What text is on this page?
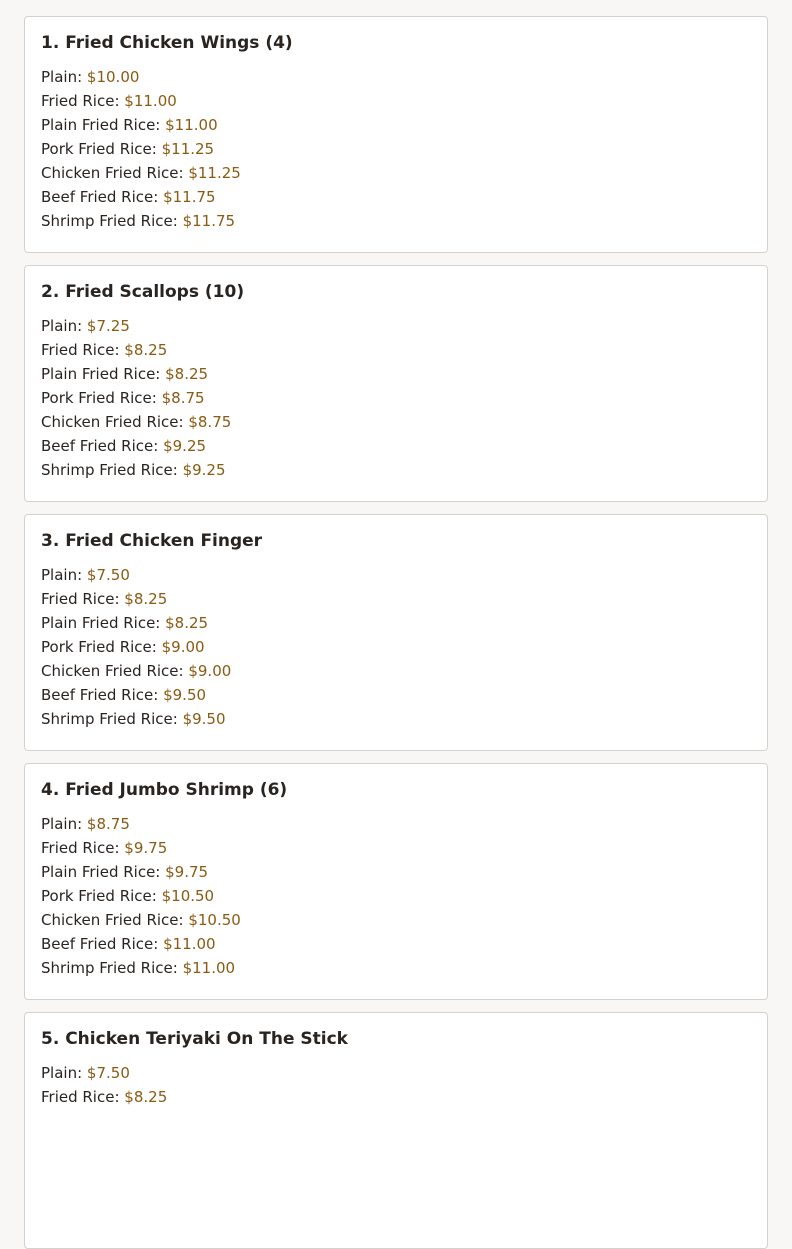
1. Fried Chicken Wings (4)
Plain: $10.00
Fried Rice: $11.00
Plain Fried Rice: $11.00
Pork Fried Rice: $11.25
Chicken Fried Rice: $11.25
Beef Fried Rice: $11.75
Shrimp Fried Rice: $11.75
2. Fried Scallops (10)
Plain: $7.25
Fried Rice: $8.25
Plain Fried Rice: $8.25
Pork Fried Rice: $8.75
Chicken Fried Rice: $8.75
Beef Fried Rice: $9.25
Shrimp Fried Rice: $9.25
3. Fried Chicken Finger
Plain: $7.50
Fried Rice: $8.25
Plain Fried Rice: $8.25
Pork Fried Rice: $9.00
Chicken Fried Rice: $9.00
Beef Fried Rice: $9.50
Shrimp Fried Rice: $9.50
4. Fried Jumbo Shrimp (6)
Plain: $8.75
Fried Rice: $9.75
Plain Fried Rice: $9.75
Pork Fried Rice: $10.50
Chicken Fried Rice: $10.50
Beef Fried Rice: $11.00
Shrimp Fried Rice: $11.00
5. Chicken Teriyaki On The Stick
Plain: $7.50
Fried Rice: $8.25
